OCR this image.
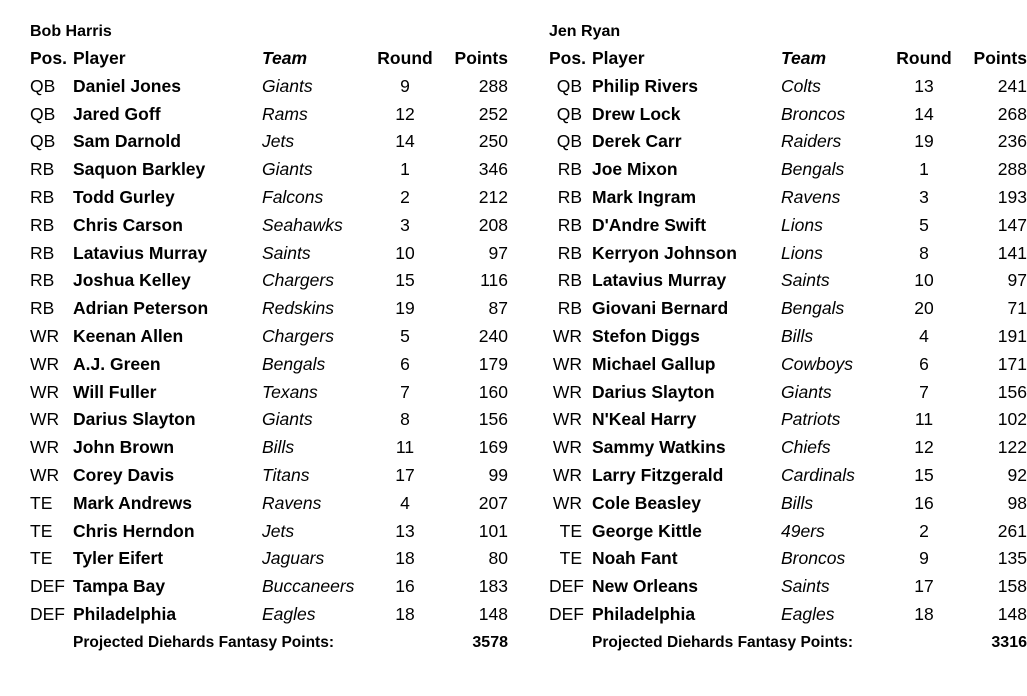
Bob Harris
Pos. Player	Team	Round	Points
QB	Daniel Jones	Giants	9	288
QB	Jared Goff	Rams	12	252
QB	Sam Darnold	Jets	14	250
RB	Saquon Barkley	Giants	1	346
RB	Todd Gurley	Falcons	2	212
RB	Chris Carson	Seahawks	3	208
RB	Latavius Murray	Saints	10	97
RB	Joshua Kelley	Chargers	15	116
RB	Adrian Peterson	Redskins	19	87
WR Keenan Allen	Chargers	5	240
WR A.J. Green	Bengals	6	179
WR Will Fuller	Texans	7	160
WR Darius Slayton	Giants	8	156
WR John Brown	Bills	11	169
WR Corey Davis	Titans	17	99
TE	Mark Andrews	Ravens	4	207
TE	Chris Herndon	Jets	13	101
TE	Tyler Eifert	Jaguars	18	80
DEF Tampa Bay	Buccaneers	16	183
DEF Philadelphia	Eagles	18	148
Projected Diehards Fantasy Points:	3578
Jen Ryan
Pos. Player	Team	Round	Points
QB Philip Rivers	Colts	13	241
QB Drew Lock	Broncos	14	268
QB Derek Carr	Raiders	19	236
RB Joe Mixon	Bengals	1	288
RB Mark Ingram	Ravens	3	193
RB D'Andre Swift	Lions	5	147
RB Kerryon Johnson	Lions	8	141
RB Latavius Murray	Saints	10	97
RB Giovani Bernard	Bengals	20	71
WR Stefon Diggs	Bills	4	191
WR Michael Gallup	Cowboys	6	171
WR Darius Slayton	Giants	7	156
WR N'Keal Harry	Patriots	11	102
WR Sammy Watkins	Chiefs	12	122
WR Larry Fitzgerald	Cardinals	15	92
WR Cole Beasley	Bills	16	98
TE George Kittle	49ers	2	261
TE Noah Fant	Broncos	9	135
DEF New Orleans	Saints	17	158
DEF Philadelphia	Eagles	18	148
Projected Diehards Fantasy Points:	3316
